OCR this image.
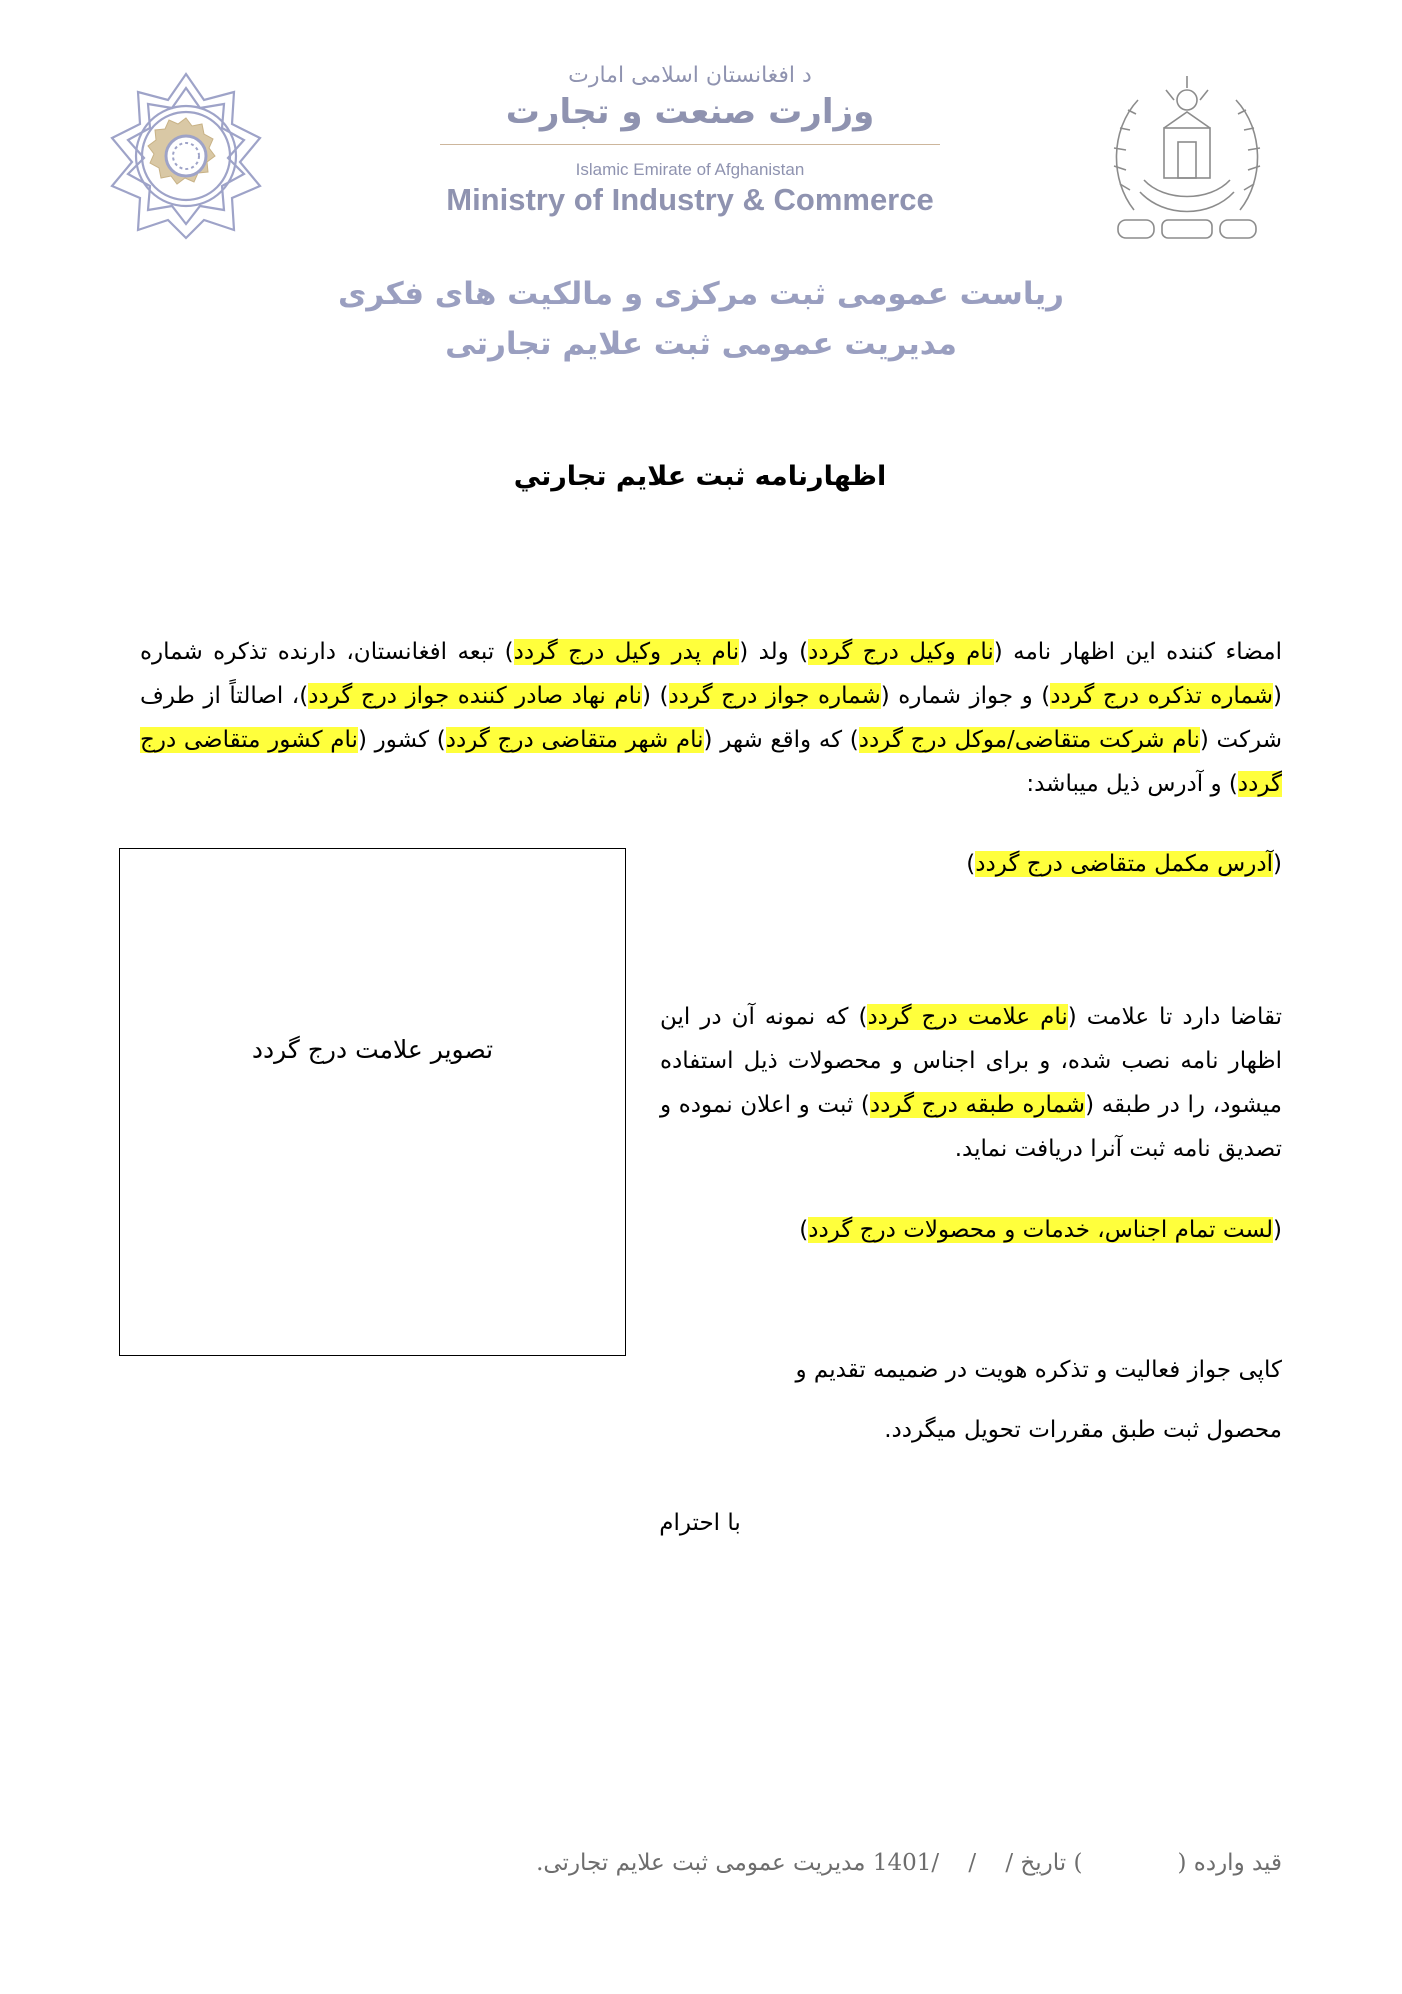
د افغانستان اسلامی امارت
وزارت صنعت و تجارت
Islamic Emirate of Afghanistan
Ministry of Industry & Commerce
ریاست عمومی ثبت مرکزی و مالکیت های فکری
مدیریت عمومی ثبت علایم تجارتی
اظهارنامه ثبت علايم تجارتي
امضاء کننده این اظهار نامه (نام وکیل درج گردد) ولد (نام پدر وکیل درج گردد) تبعه افغانستان، دارنده تذکره شماره (شماره تذکره درج گردد) و جواز شماره (شماره جواز درج گردد) (نام نهاد صادر کننده جواز درج گردد)، اصالتاً از طرف شرکت (نام شرکت متقاضی/موکل درج گردد) که واقع شهر (نام شهر متقاضی درج گردد) کشور (نام کشور متقاضی درج گردد) و آدرس ذیل میباشد:
(آدرس مکمل متقاضی درج گردد)
تصویر علامت درج گردد
تقاضا دارد تا علامت (نام علامت درج گردد) که نمونه آن در این اظهار نامه نصب شده، و برای اجناس و محصولات ذیل استفاده میشود، را در طبقه (شماره طبقه درج گردد) ثبت و اعلان نموده و تصدیق نامه ثبت آنرا دریافت نماید.
(لست تمام اجناس، خدمات و محصولات درج گردد)
کاپی جواز فعالیت و تذکره هویت در ضمیمه تقدیم و
محصول ثبت طبق مقررات تحویل میگردد.
با احترام
قید وارده (             ) تاریخ /    /    /1401 مدیریت عمومی ثبت علایم تجارتی.
